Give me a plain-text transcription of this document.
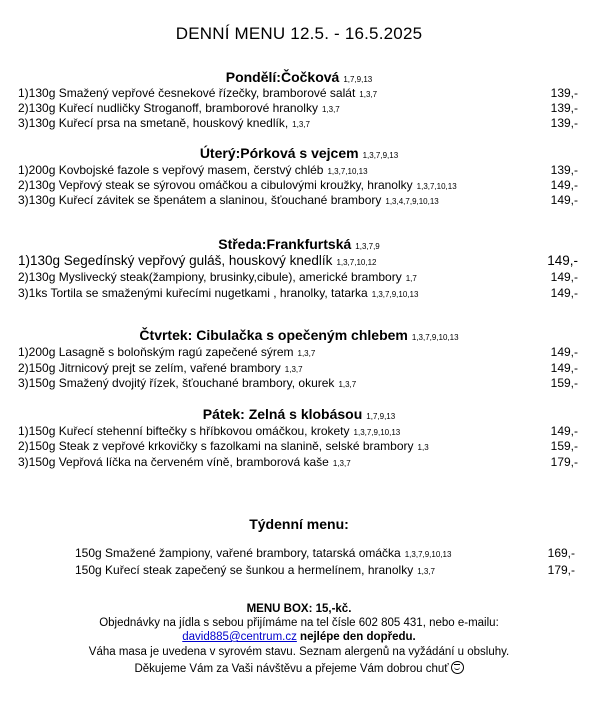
DENNÍ MENU 12.5. - 16.5.2025
Pondělí:Čočková 1,7,9,13
1)130g Smažený vepřové česnekové řízečky, bramborové salát 1,3,7	139,-
2)130g Kuřecí nudličky Stroganoff, bramborové hranolky 1,3,7	139,-
3)130g Kuřecí prsa na smetaně, houskový knedlík, 1,3,7	139,-
Úterý:Pórková s vejcem 1,3,7,9,13
1)200g Kovbojské fazole s vepřový masem, čerstvý chléb 1,3,7,10,13	139,-
2)130g Vepřový steak se sýrovou omáčkou a cibulovými kroužky, hranolky 1,3,7,10,13	149,-
3)130g Kuřecí závitek se špenátem a slaninou, šťouchané brambory 1,3,4,7,9,10,13	149,-
Středa:Frankfurtská 1,3,7,9
1)130g Segedínský vepřový guláš, houskový knedlík 1,3,7,10,12	149,-
2)130g Myslivecký steak(žampiony, brusinky,cibule), americké brambory 1,7	149,-
3)1ks Tortila se smaženými kuřecími nugetkami , hranolky, tatarka 1,3,7,9,10,13	149,-
Čtvrtek: Cibulačka s opečeným chlebem 1,3,7,9,10,13
1)200g Lasagně s boloňským ragú zapečené sýrem 1,3,7	149,-
2)150g Jitrnicový prejt se zelím, vařené brambory 1,3,7	149,-
3)150g Smažený dvojitý řízek, šťouchané brambory, okurek 1,3,7	159,-
Pátek: Zelná s klobásou 1,7,9,13
1)150g Kuřecí stehenní biftečky s hříbkovou omáčkou, krokety 1,3,7,9,10,13	149,-
2)150g Steak z vepřové krkovičky s fazolkami na slanině, selské brambory 1,3	159,-
3)150g Vepřová líčka na červeném víně, bramborová kaše 1,3,7	179,-
Týdenní menu:
150g Smažené žampiony, vařené brambory, tatarská omáčka 1,3,7,9,10,13	169,-
150g Kuřecí steak zapečený se šunkou a hermelínem, hranolky 1,3,7	179,-
MENU BOX: 15,-kč.
Objednávky na jídla s sebou přijímáme na tel čísle 602 805 431, nebo e-mailu:
david885@centrum.cz nejlépe den dopředu.
Váha masa je uvedena v syrovém stavu. Seznam alergenů na vyžádání u obsluhy.
Děkujeme Vám za Vaši návštěvu a přejeme Vám dobrou chuť
